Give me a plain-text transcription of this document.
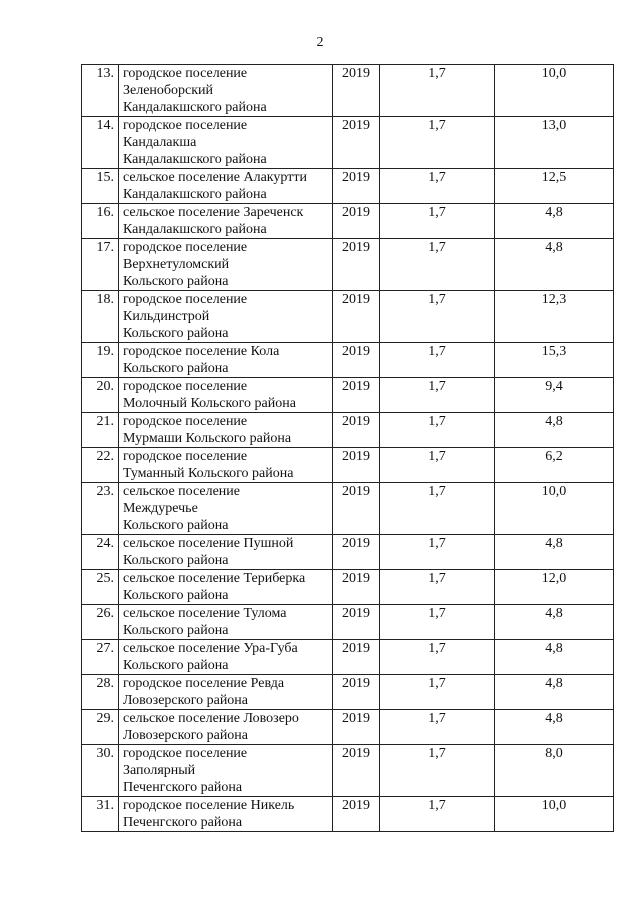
2
13.	городское поселение
Зеленоборский
Кандалакшского района	2019	1,7	10,0
14.	городское поселение
Кандалакша
Кандалакшского района	2019	1,7	13,0
15.	сельское поселение Алакуртти
Кандалакшского района	2019	1,7	12,5
16.	сельское поселение Зареченск
Кандалакшского района	2019	1,7	4,8
17.	городское поселение
Верхнетуломский
Кольского района	2019	1,7	4,8
18.	городское поселение
Кильдинстрой
Кольского района	2019	1,7	12,3
19.	городское поселение Кола
Кольского района	2019	1,7	15,3
20.	городское поселение
Молочный Кольского района	2019	1,7	9,4
21.	городское поселение
Мурмаши Кольского района	2019	1,7	4,8
22.	городское поселение
Туманный Кольского района	2019	1,7	6,2
23.	сельское поселение
Междуречье
Кольского района	2019	1,7	10,0
24.	сельское поселение Пушной
Кольского района	2019	1,7	4,8
25.	сельское поселение Териберка
Кольского района	2019	1,7	12,0
26.	сельское поселение Тулома
Кольского района	2019	1,7	4,8
27.	сельское поселение Ура-Губа
Кольского района	2019	1,7	4,8
28.	городское поселение Ревда
Ловозерского района	2019	1,7	4,8
29.	сельское поселение Ловозеро
Ловозерского района	2019	1,7	4,8
30.	городское поселение
Заполярный
Печенгского района	2019	1,7	8,0
31.	городское поселение Никель
Печенгского района	2019	1,7	10,0
